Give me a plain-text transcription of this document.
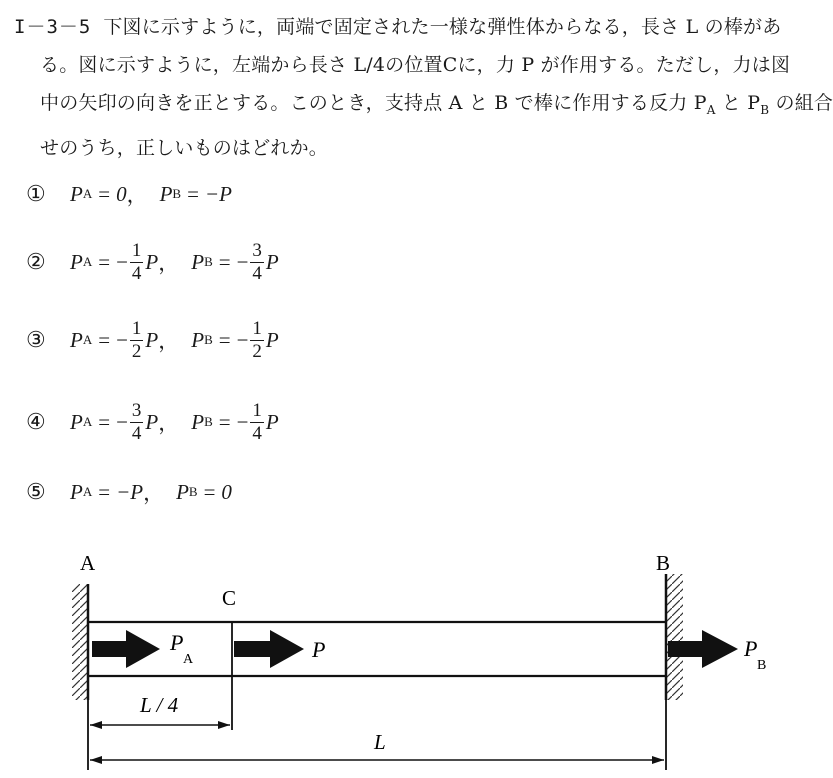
I－3－5 下図に示すように，両端で固定された一様な弾性体からなる，長さ L の棒があ
る。図に示すように，左端から長さ L/4の位置Cに，力 P が作用する。ただし，力は図
中の矢印の向きを正とする。このとき，支持点 A と B で棒に作用する反力 $P_A$ と $P_B$ の組合
せのうち，正しいものはどれか。
① P A = 0 ， P B = −P
② P A = − $\frac{1}{4}$ P ， P B = − $\frac{3}{4}$ P
③ P A = − $\frac{1}{2}$ P ， P B = − $\frac{1}{2}$ P
④ P A = − $\frac{3}{4}$ P ， P B = − $\frac{1}{4}$ P
⑤ P A = −P ， P B = 0
A	B
C
P
A	P	P
B
L / 4
L
